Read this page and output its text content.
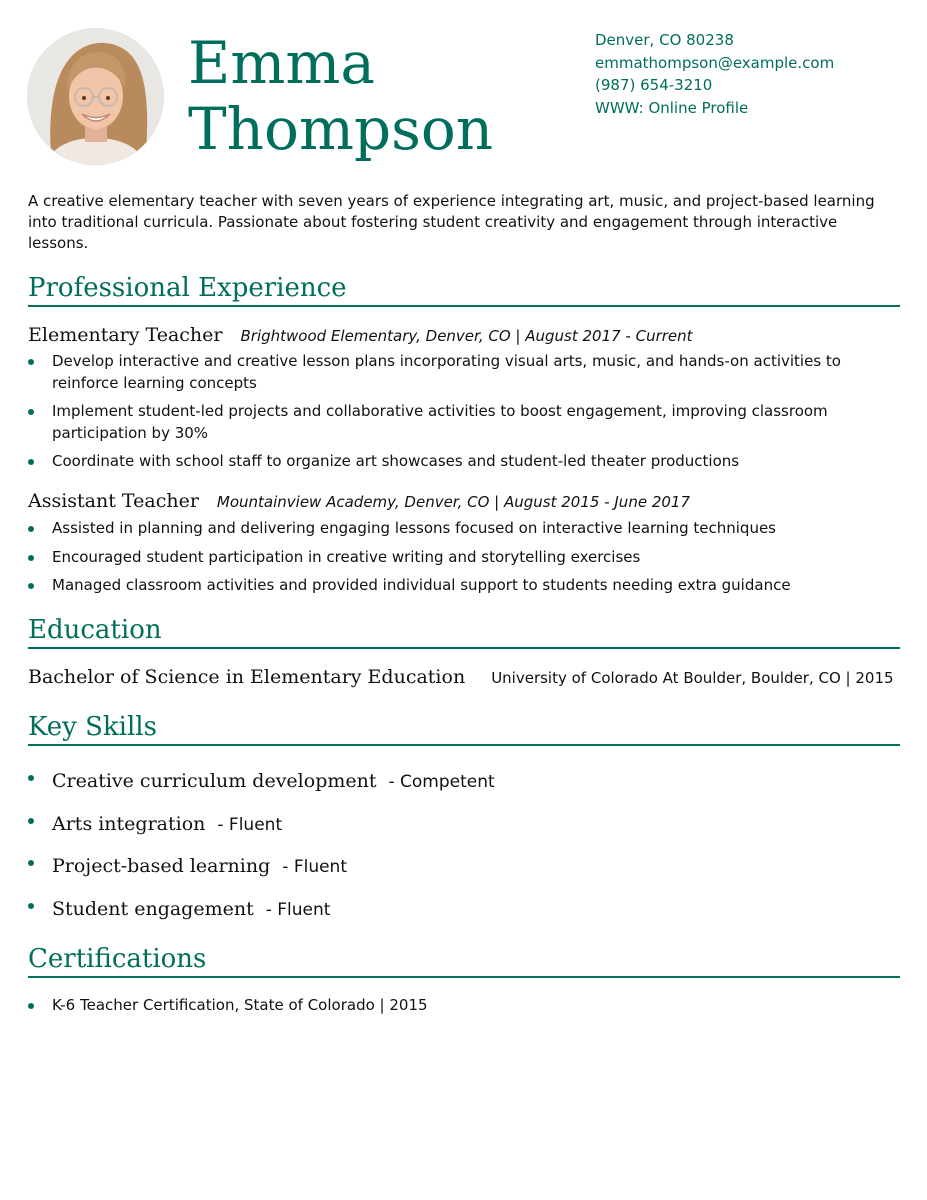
Emma
Thompson
Denver, CO 80238
emmathompson@example.com
(987) 654-3210
WWW: Online Profile

A creative elementary teacher with seven years of experience integrating art, music, and project-based learning into traditional curricula. Passionate about fostering student creativity and engagement through interactive lessons.

Professional Experience
Elementary Teacher Brightwood Elementary, Denver, CO | August 2017 - Current
Develop interactive and creative lesson plans incorporating visual arts, music, and hands-on activities to reinforce learning concepts
Implement student-led projects and collaborative activities to boost engagement, improving classroom participation by 30%
Coordinate with school staff to organize art showcases and student-led theater productions
Assistant Teacher Mountainview Academy, Denver, CO | August 2015 - June 2017
Assisted in planning and delivering engaging lessons focused on interactive learning techniques
Encouraged student participation in creative writing and storytelling exercises
Managed classroom activities and provided individual support to students needing extra guidance
Education
Bachelor of Science in Elementary Education University of Colorado At Boulder, Boulder, CO | 2015
Key Skills
Creative curriculum development - Competent
Arts integration - Fluent
Project-based learning - Fluent
Student engagement - Fluent
Certifications
K-6 Teacher Certification, State of Colorado | 2015
